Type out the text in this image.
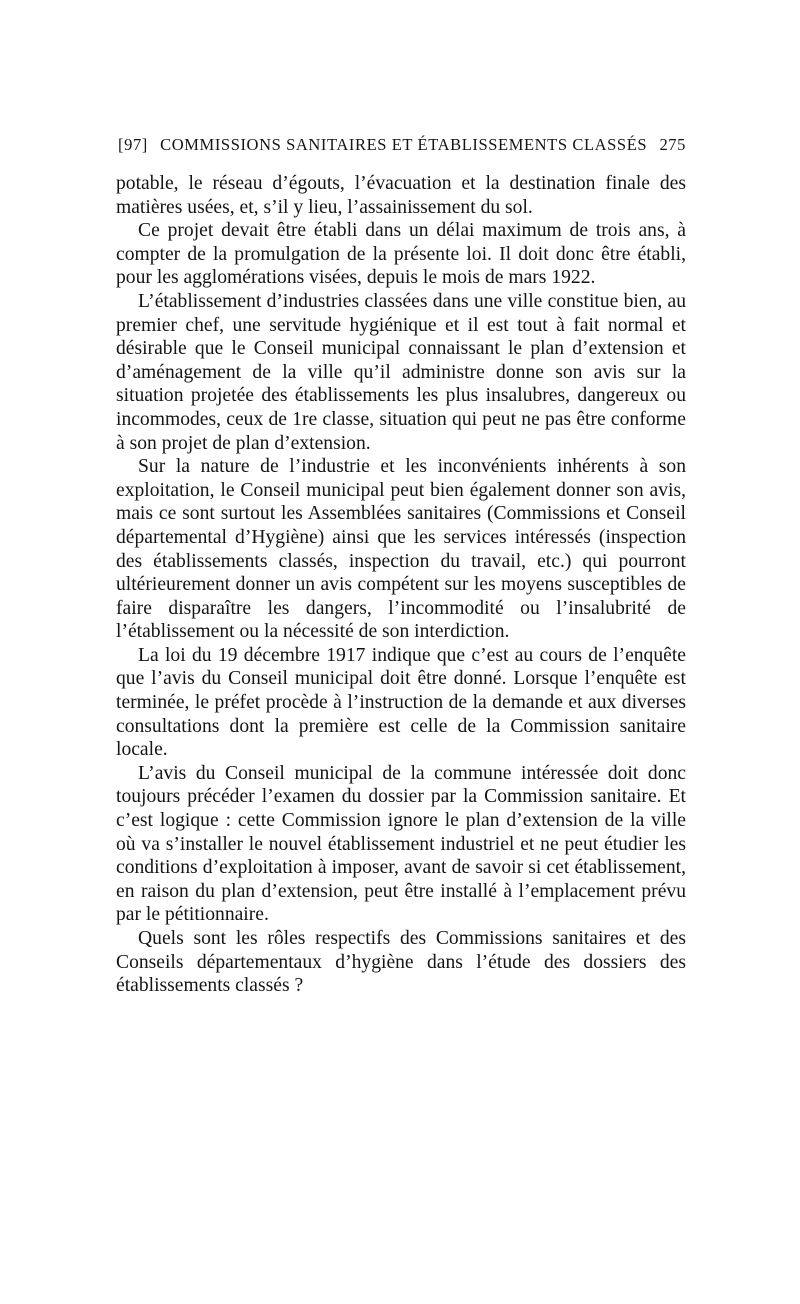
[97] COMMISSIONS SANITAIRES ET ÉTABLISSEMENTS CLASSÉS 275

potable, le réseau d’égouts, l’évacuation et la destination finale des matières usées, et, s’il y lieu, l’assainissement du sol.

Ce projet devait être établi dans un délai maximum de trois ans, à compter de la promulgation de la présente loi. Il doit donc être établi, pour les agglomérations visées, depuis le mois de mars 1922.

L’établissement d’industries classées dans une ville constitue bien, au premier chef, une servitude hygiénique et il est tout à fait normal et désirable que le Conseil municipal connaissant le plan d’extension et d’aménagement de la ville qu’il administre donne son avis sur la situation projetée des établissements les plus insalubres, dangereux ou incommodes, ceux de 1re classe, situation qui peut ne pas être conforme à son projet de plan d’extension.

Sur la nature de l’industrie et les inconvénients inhérents à son exploitation, le Conseil municipal peut bien également donner son avis, mais ce sont surtout les Assemblées sanitaires (Commissions et Conseil départemental d’Hygiène) ainsi que les services intéressés (inspection des établissements classés, inspection du travail, etc.) qui pourront ultérieurement donner un avis compétent sur les moyens susceptibles de faire disparaître les dangers, l’incommodité ou l’insalubrité de l’établissement ou la nécessité de son interdiction.

La loi du 19 décembre 1917 indique que c’est au cours de l’enquête que l’avis du Conseil municipal doit être donné. Lorsque l’enquête est terminée, le préfet procède à l’instruction de la demande et aux diverses consultations dont la première est celle de la Commission sanitaire locale.

L’avis du Conseil municipal de la commune intéressée doit donc toujours précéder l’examen du dossier par la Commission sanitaire. Et c’est logique : cette Commission ignore le plan d’extension de la ville où va s’installer le nouvel établissement industriel et ne peut étudier les conditions d’exploitation à imposer, avant de savoir si cet établissement, en raison du plan d’extension, peut être installé à l’emplacement prévu par le pétitionnaire.

Quels sont les rôles respectifs des Commissions sanitaires et des Conseils départementaux d’hygiène dans l’étude des dossiers des établissements classés ?
